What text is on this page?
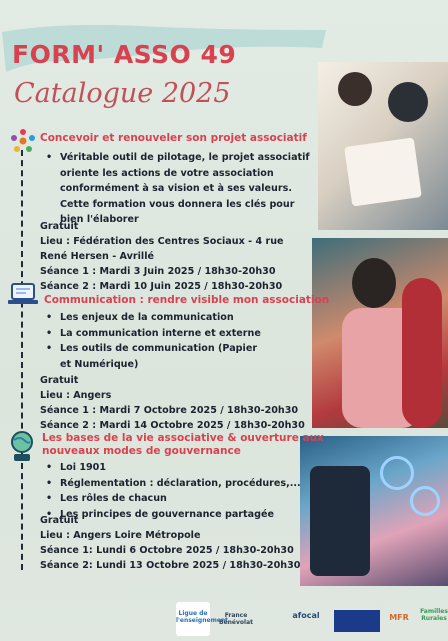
FORM' ASSO 49
Catalogue 2025
Concevoir et renouveler son projet associatif
• Véritable outil de pilotage, le projet associatif oriente les actions de votre association conformément à sa vision et à ses valeurs. Cette formation vous donnera les clés pour bien l'élaborer
Gratuit
Lieu : Fédération des Centres Sociaux - 4 rue
René Hersen - Avrillé
Séance 1 : Mardi 3 Juin 2025 / 18h30-20h30
Séance 2 : Mardi 10 Juin 2025 / 18h30-20h30
Communication : rendre visible mon association
• Les enjeux de la communication
• La communication interne et externe
• Les outils de communication (Papier et Numérique)
Gratuit
Lieu : Angers
Séance 1 : Mardi 7 Octobre 2025 / 18h30-20h30
Séance 2 : Mardi 14 Octobre 2025 / 18h30-20h30
Les bases de la vie associative & ouverture aux
nouveaux modes de gouvernance
• Loi 1901
• Réglementation : déclaration, procédures,...
• Les rôles de chacun
• Les principes de gouvernance partagée
Gratuit
Lieu : Angers Loire Métropole
Séance 1: Lundi 6 Octobre 2025 / 18h30-20h30
Séance 2: Lundi 13 Octobre 2025 / 18h30-20h30
Ligue de l'enseignement
France Bénévolat
afocal	MFR
Familles Rurales
